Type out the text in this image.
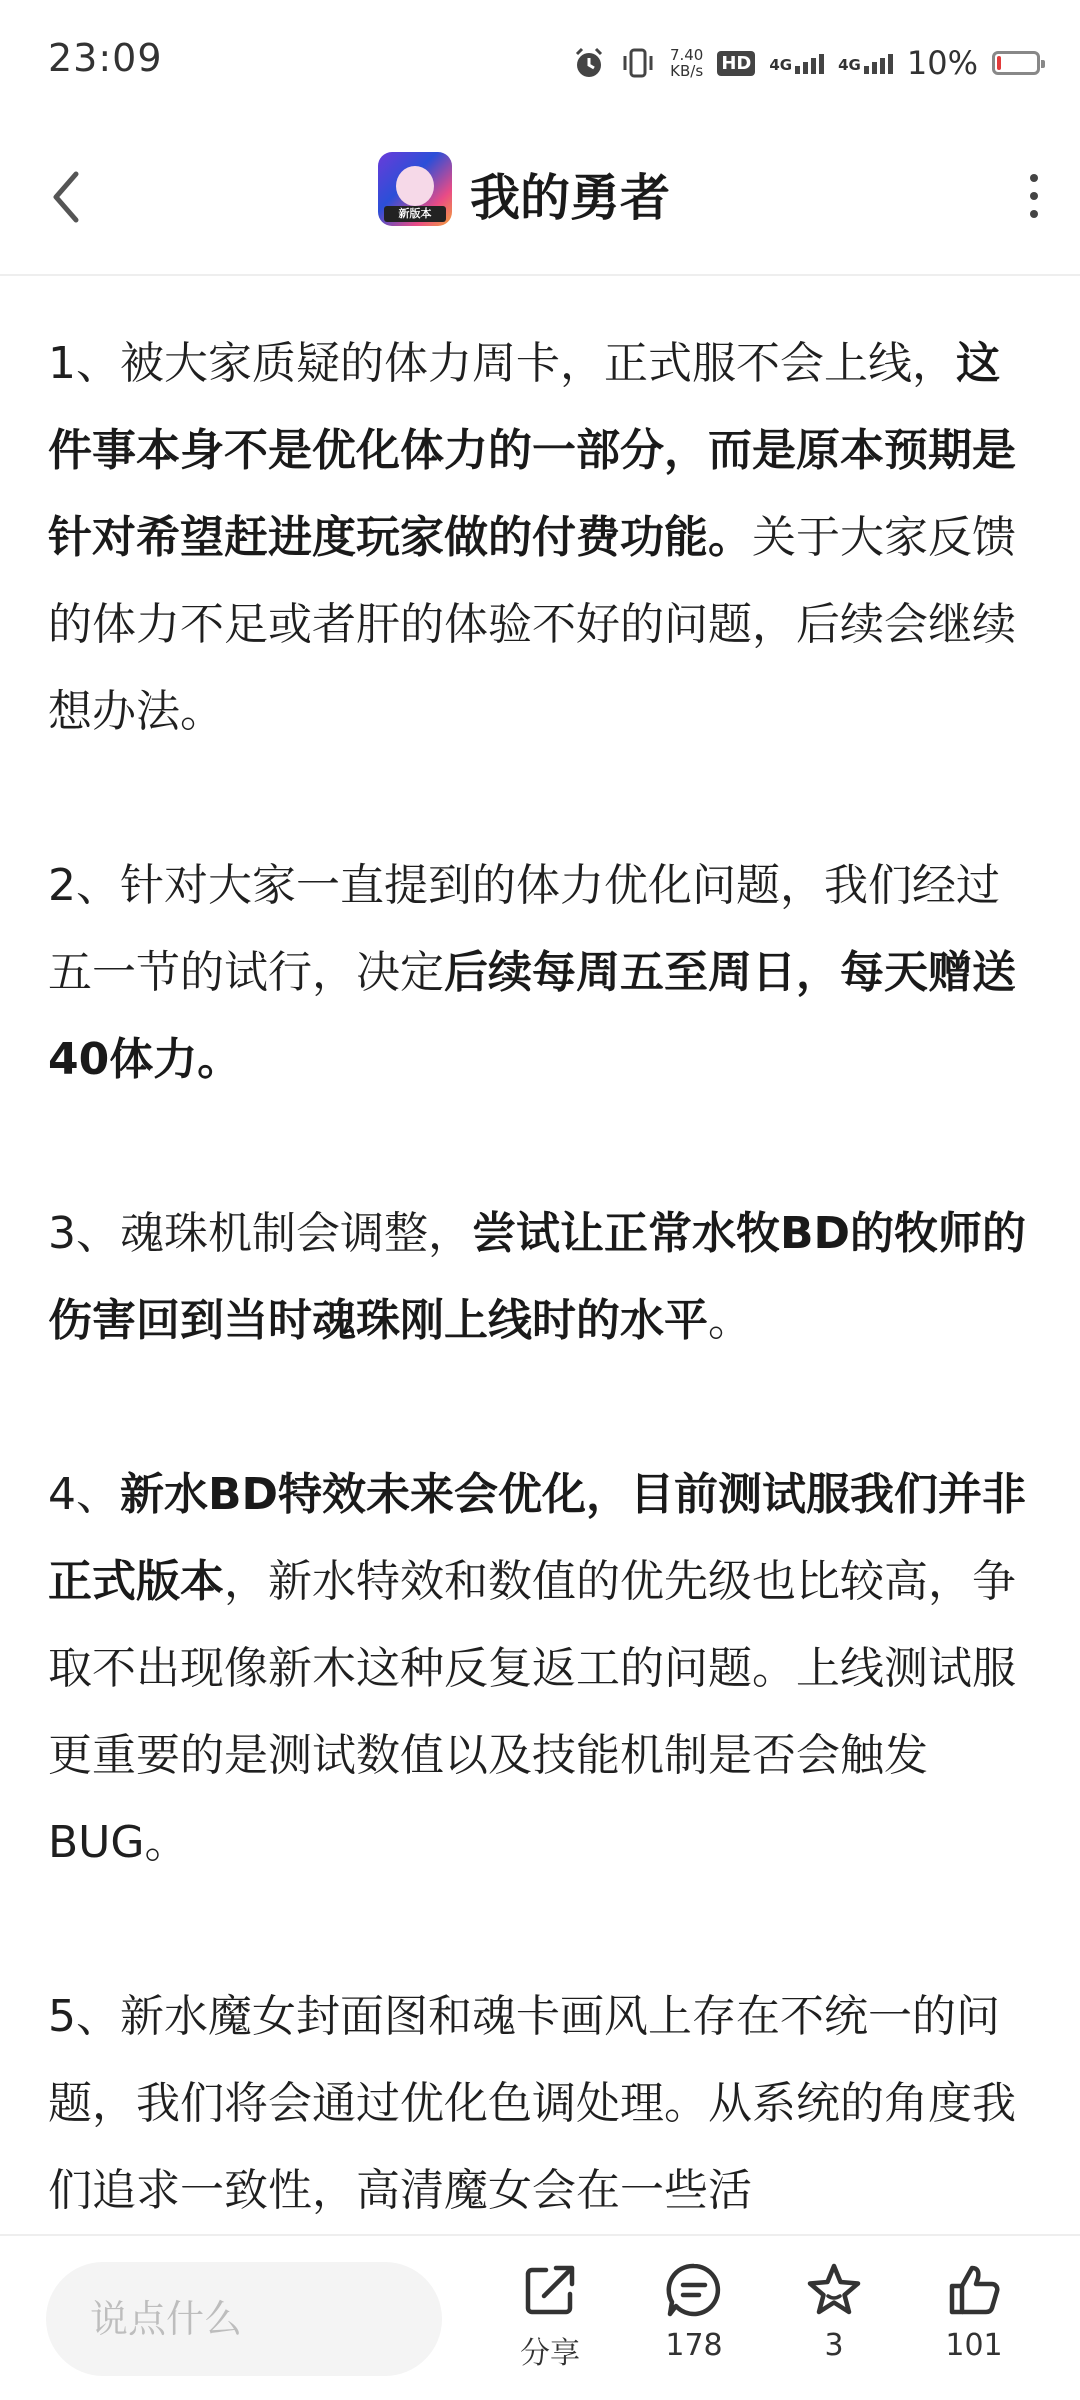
23:09	7.40
KB/s HD 4G	4G 10%
新版本 我的勇者

1、被大家质疑的体力周卡，正式服不会上线，这件事本身不是优化体力的一部分，而是原本预期是针对希望赶进度玩家做的付费功能。关于大家反馈的体力不足或者肝的体验不好的问题，后续会继续想办法。

2、针对大家一直提到的体力优化问题，我们经过五一节的试行，决定后续每周五至周日，每天赠送40体力。

3、魂珠机制会调整，尝试让正常水牧BD的牧师的伤害回到当时魂珠刚上线时的水平。

4、新水BD特效未来会优化，目前测试服我们并非正式版本，新水特效和数值的优先级也比较高，争取不出现像新木这种反复返工的问题。上线测试服更重要的是测试数值以及技能机制是否会触发BUG。

5、新水魔女封面图和魂卡画风上存在不统一的问题，我们将会通过优化色调处理。从系统的角度我们追求一致性，高清魔女会在一些活

说点什么
分享	178	3	101
